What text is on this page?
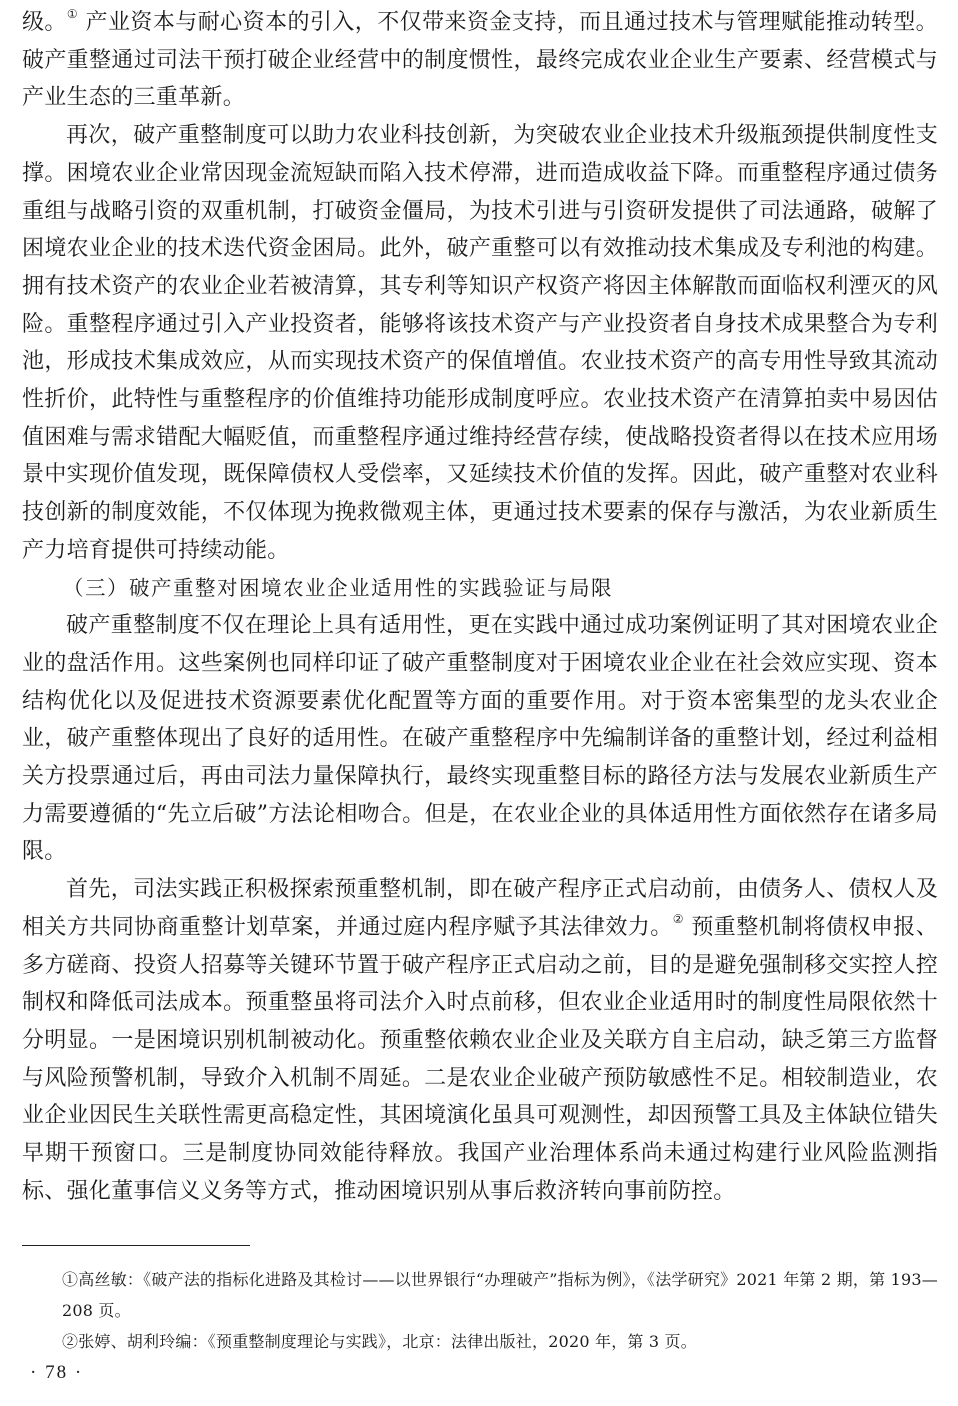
级。① 产业资本与耐心资本的引入，不仅带来资金支持，而且通过技术与管理赋能推动转型。破产重整通过司法干预打破企业经营中的制度惯性，最终完成农业企业生产要素、经营模式与产业生态的三重革新。

再次，破产重整制度可以助力农业科技创新，为突破农业企业技术升级瓶颈提供制度性支撑。困境农业企业常因现金流短缺而陷入技术停滞，进而造成收益下降。而重整程序通过债务重组与战略引资的双重机制，打破资金僵局，为技术引进与引资研发提供了司法通路，破解了困境农业企业的技术迭代资金困局。此外，破产重整可以有效推动技术集成及专利池的构建。拥有技术资产的农业企业若被清算，其专利等知识产权资产将因主体解散而面临权利湮灭的风险。重整程序通过引入产业投资者，能够将该技术资产与产业投资者自身技术成果整合为专利池，形成技术集成效应，从而实现技术资产的保值增值。农业技术资产的高专用性导致其流动性折价，此特性与重整程序的价值维持功能形成制度呼应。农业技术资产在清算拍卖中易因估值困难与需求错配大幅贬值，而重整程序通过维持经营存续，使战略投资者得以在技术应用场景中实现价值发现，既保障债权人受偿率，又延续技术价值的发挥。因此，破产重整对农业科技创新的制度效能，不仅体现为挽救微观主体，更通过技术要素的保存与激活，为农业新质生产力培育提供可持续动能。

（三）破产重整对困境农业企业适用性的实践验证与局限

破产重整制度不仅在理论上具有适用性，更在实践中通过成功案例证明了其对困境农业企业的盘活作用。这些案例也同样印证了破产重整制度对于困境农业企业在社会效应实现、资本结构优化以及促进技术资源要素优化配置等方面的重要作用。对于资本密集型的龙头农业企业，破产重整体现出了良好的适用性。在破产重整程序中先编制详备的重整计划，经过利益相关方投票通过后，再由司法力量保障执行，最终实现重整目标的路径方法与发展农业新质生产力需要遵循的“先立后破”方法论相吻合。但是，在农业企业的具体适用性方面依然存在诸多局限。

首先，司法实践正积极探索预重整机制，即在破产程序正式启动前，由债务人、债权人及相关方共同协商重整计划草案，并通过庭内程序赋予其法律效力。② 预重整机制将债权申报、多方磋商、投资人招募等关键环节置于破产程序正式启动之前，目的是避免强制移交实控人控制权和降低司法成本。预重整虽将司法介入时点前移，但农业企业适用时的制度性局限依然十分明显。一是困境识别机制被动化。预重整依赖农业企业及关联方自主启动，缺乏第三方监督与风险预警机制，导致介入机制不周延。二是农业企业破产预防敏感性不足。相较制造业，农业企业因民生关联性需更高稳定性，其困境演化虽具可观测性，却因预警工具及主体缺位错失早期干预窗口。三是制度协同效能待释放。我国产业治理体系尚未通过构建行业风险监测指标、强化董事信义义务等方式，推动困境识别从事后救济转向事前防控。

①高丝敏：《破产法的指标化进路及其检讨——以世界银行“办理破产”指标为例》，《法学研究》2021 年第 2 期，第 193—208 页。

②张婷、胡利玲编：《预重整制度理论与实践》，北京：法律出版社，2020 年，第 3 页。

· 78 ·
